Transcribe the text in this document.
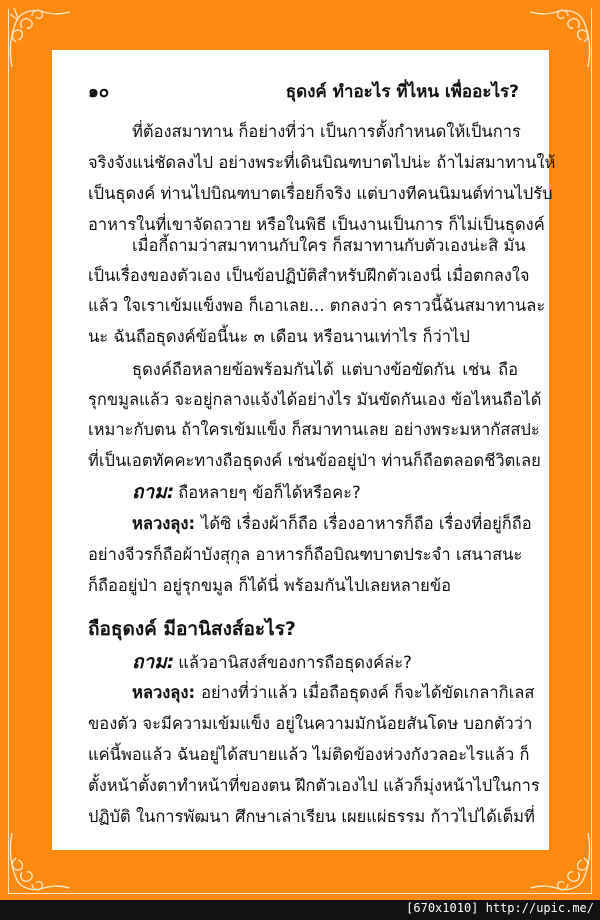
๑๐	ธุดงค์ ทำอะไร ที่ไหน เพื่ออะไร?
ที่ต้องสมาทาน ก็อย่างที่ว่า เป็นการตั้งกำหนดให้เป็นการ
จริงจังแน่ชัดลงไป อย่างพระที่เดินบิณฑบาตไปน่ะ ถ้าไม่สมาทานให้
เป็นธุดงค์ ท่านไปบิณฑบาตเรื่อยก็จริง แต่บางทีคนนิมนต์ท่านไปรับ
อาหารในที่เขาจัดถวาย หรือในพิธี เป็นงานเป็นการ ก็ไม่เป็นธุดงค์
เมื่อกี้ถามว่าสมาทานกับใคร ก็สมาทานกับตัวเองน่ะสิ มัน
เป็นเรื่องของตัวเอง เป็นข้อปฏิบัติสำหรับฝึกตัวเองนี่ เมื่อตกลงใจ
แล้ว ใจเราเข้มแข็งพอ ก็เอาเลย... ตกลงว่า คราวนี้ฉันสมาทานละ
นะ ฉันถือธุดงค์ข้อนี้นะ ๓ เดือน หรือนานเท่าไร ก็ว่าไป
ธุดงค์ถือหลายข้อพร้อมกันได้ แต่บางข้อขัดกัน เช่น ถือ
รุกขมูลแล้ว จะอยู่กลางแจ้งได้อย่างไร มันขัดกันเอง ข้อไหนถือได้
เหมาะกับตน ถ้าใครเข้มแข็ง ก็สมาทานเลย อย่างพระมหากัสสปะ
ที่เป็นเอตทัคคะทางถือธุดงค์ เช่นข้ออยู่ป่า ท่านก็ถือตลอดชีวิตเลย
ถาม: ถือหลายๆ ข้อก็ได้หรือคะ?
หลวงลุง: ได้ซิ เรื่องผ้าก็ถือ เรื่องอาหารก็ถือ เรื่องที่อยู่ก็ถือ
อย่างจีวรก็ถือผ้าบังสุกุล อาหารก็ถือบิณฑบาตประจำ เสนาสนะ
ก็ถืออยู่ป่า อยู่รุกขมูล ก็ได้นี่ พร้อมกันไปเลยหลายข้อ
ถือธุดงค์ มีอานิสงส์อะไร?
ถาม: แล้วอานิสงส์ของการถือธุดงค์ล่ะ?
หลวงลุง: อย่างที่ว่าแล้ว เมื่อถือธุดงค์ ก็จะได้ขัดเกลากิเลส
ของตัว จะมีความเข้มแข็ง อยู่ในความมักน้อยสันโดษ บอกตัวว่า
แค่นี้พอแล้ว ฉันอยู่ได้สบายแล้ว ไม่ติดข้องห่วงกังวลอะไรแล้ว ก็
ตั้งหน้าตั้งตาทำหน้าที่ของตน ฝึกตัวเองไป แล้วก็มุ่งหน้าไปในการ
ปฏิบัติ ในการพัฒนา ศึกษาเล่าเรียน เผยแผ่ธรรม ก้าวไปได้เต็มที่
[670x1010] http://upic.me/
